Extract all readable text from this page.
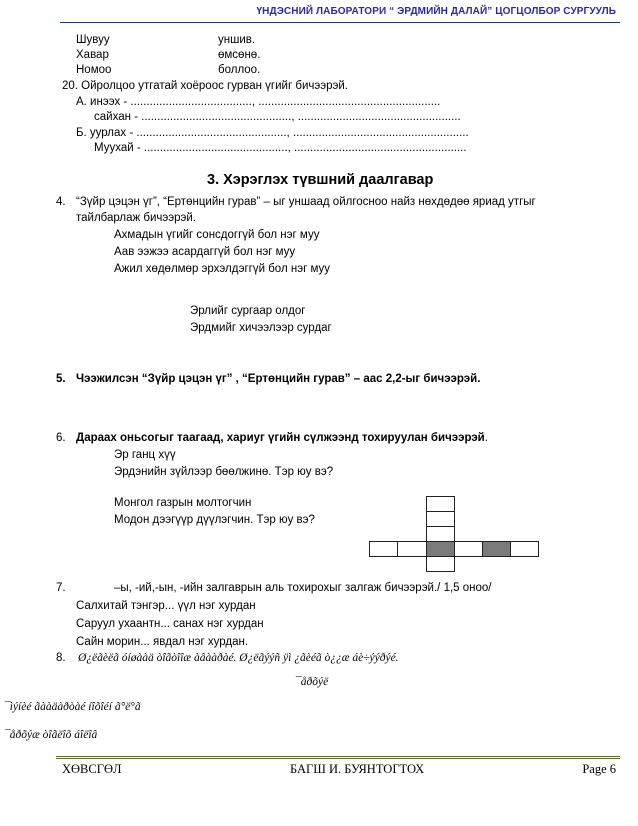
ҮНДЭСНИЙ ЛАБОРАТОРИ “ ЭРДМИЙН ДАЛАЙ” ЦОГЦОЛБОР СУРГУУЛЬ
Шувуу	уншив.
Хавар	өмсөнө.
Номоо	боллоо.
20. Ойролцоо утгатай хоёроос гурван үгийг бичээрэй.
А. инээх - ......................................, .........................................................
сайхан - ..............................................., ...................................................
Б. уурлах - ..............................................., .......................................................
Муухай - ............................................., ......................................................
3. Хэрэглэх түвшний даалгавар
4. “Зүйр цэцэн үг”, “Ертөнцийн гурав” – ыг уншаад ойлгосноо найз нөхдөдөө яриад утгыг
тайлбарлаж бичээрэй.
Ахмадын үгийг сонсдоггүй бол нэг муу
Аав ээжээ асардаггүй бол нэг муу
Ажил хөдөлмөр эрхэлдэггүй бол нэг муу
Эрлийг сургаар олдог
Эрдмийг хичээлээр сурдаг
5. Чээжилсэн “Зүйр цэцэн үг” , “Ертөнцийн гурав” – аас 2,2-ыг бичээрэй.
6. Дараах оньсогыг таагаад, хариуг үгийн сүлжээнд тохируулан бичээрэй.
Эр ганц хүү
Эрдэнийн зүйлээр бөөлжинө. Тэр юу вэ?
Монгол газрын молтогчин
Модон дээгүүр дүүлэгчин. Тэр юу вэ?
7.	–ы, -ий,-ын, -ийн залгаврын аль тохирохыг залгаж бичээрэй./ 1,5 оноо/
Салхитай тэнгэр... үүл нэг хурдан
Саруул ухаантн... санах нэг хурдан
Сайн морин... явдал нэг хурдан.
8. Ø¿ëãèëã óíøààä òîãòîîæ àâààðàé. Ø¿ëãýýñ ÿì ¿ãèéã ò¿¿æ áè÷ýýðýé.
¯åðõýë
¯ìýíèé ãààäàðòàé íîõîéí ã°ë°ã
¯åðõýæ òîãëîõ áîëîâ
ХӨВСГӨЛ	БАГШ И. БУЯНТОГТОХ	Page 6
